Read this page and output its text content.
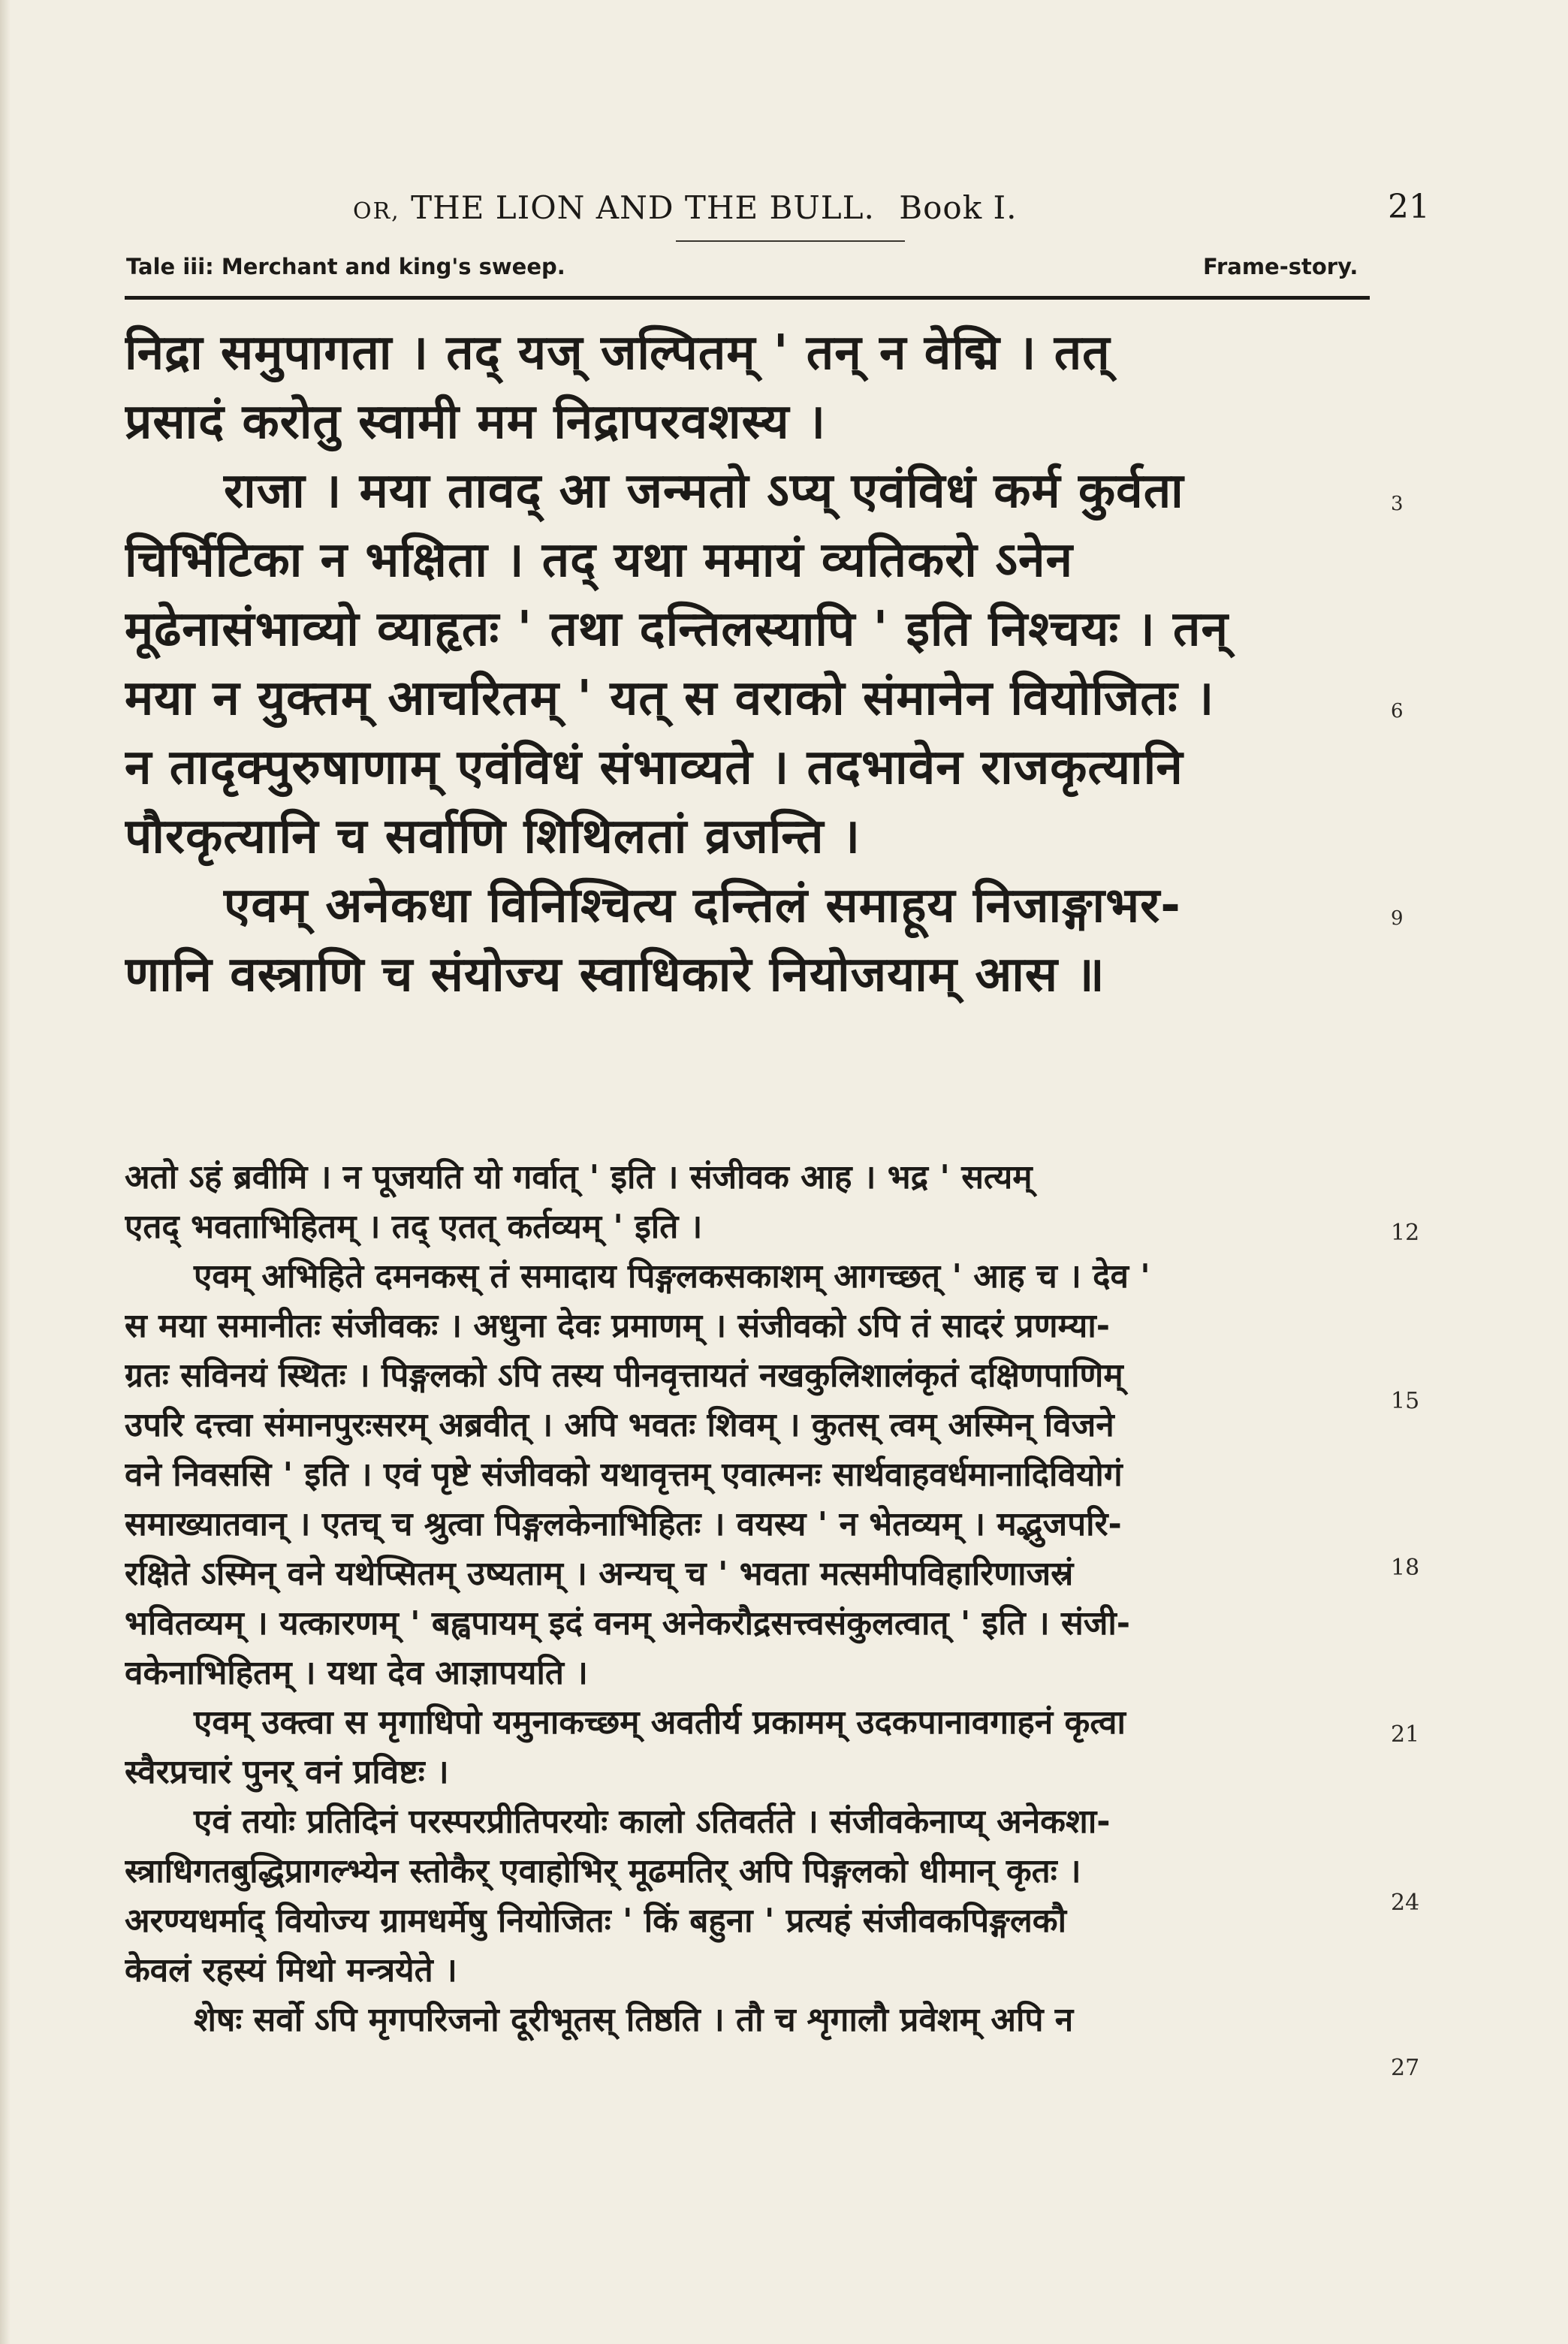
OR, THE LION AND THE BULL. Book I.	21
Tale iii: Merchant and king's sweep.	Frame-story.
निद्रा समुपागता । तद् यज् जल्पितम् ' तन् न वेद्मि । तत्
प्रसादं करोतु स्वामी मम निद्रापरवशस्य ।
राजा । मया तावद् आ जन्मतो ऽप्य् एवंविधं कर्म कुर्वता
चिर्भिटिका न भक्षिता । तद् यथा ममायं व्यतिकरो ऽनेन
मूढेनासंभाव्यो व्याहृतः ' तथा दन्तिलस्यापि ' इति निश्चयः । तन्
मया न युक्तम् आचरितम् ' यत् स वराको संमानेन वियोजितः ।
न तादृक्पुरुषाणाम् एवंविधं संभाव्यते । तदभावेन राजकृत्यानि
पौरकृत्यानि च सर्वाणि शिथिलतां व्रजन्ति ।
एवम् अनेकधा विनिश्चित्य दन्तिलं समाहूय निजाङ्गाभर-
णानि वस्त्राणि च संयोज्य स्वाधिकारे नियोजयाम् आस ॥
3
6
9
अतो ऽहं ब्रवीमि । न पूजयति यो गर्वात् ' इति । संजीवक आह । भद्र ' सत्यम्
एतद् भवताभिहितम् । तद् एतत् कर्तव्यम् ' इति ।
एवम् अभिहिते दमनकस् तं समादाय पिङ्गलकसकाशम् आगच्छत् ' आह च । देव '
स मया समानीतः संजीवकः । अधुना देवः प्रमाणम् । संजीवको ऽपि तं सादरं प्रणम्या-
ग्रतः सविनयं स्थितः । पिङ्गलको ऽपि तस्य पीनवृत्तायतं नखकुलिशालंकृतं दक्षिणपाणिम्
उपरि दत्त्वा संमानपुरःसरम् अब्रवीत् । अपि भवतः शिवम् । कुतस् त्वम् अस्मिन् विजने
वने निवससि ' इति । एवं पृष्टे संजीवको यथावृत्तम् एवात्मनः सार्थवाहवर्धमानादिवियोगं
समाख्यातवान् । एतच् च श्रुत्वा पिङ्गलकेनाभिहितः । वयस्य ' न भेतव्यम् । मद्भुजपरि-
रक्षिते ऽस्मिन् वने यथेप्सितम् उष्यताम् । अन्यच् च ' भवता मत्समीपविहारिणाजस्रं
भवितव्यम् । यत्कारणम् ' बह्वपायम् इदं वनम् अनेकरौद्रसत्त्वसंकुलत्वात् ' इति । संजी-
वकेनाभिहितम् । यथा देव आज्ञापयति ।
एवम् उक्त्वा स मृगाधिपो यमुनाकच्छम् अवतीर्य प्रकामम् उदकपानावगाहनं कृत्वा
स्वैरप्रचारं पुनर् वनं प्रविष्टः ।
एवं तयोः प्रतिदिनं परस्परप्रीतिपरयोः कालो ऽतिवर्तते । संजीवकेनाप्य् अनेकशा-
स्त्राधिगतबुद्धिप्रागल्भ्येन स्तोकैर् एवाहोभिर् मूढमतिर् अपि पिङ्गलको धीमान् कृतः ।
अरण्यधर्माद् वियोज्य ग्रामधर्मेषु नियोजितः ' किं बहुना ' प्रत्यहं संजीवकपिङ्गलकौ
केवलं रहस्यं मिथो मन्त्रयेते ।
शेषः सर्वो ऽपि मृगपरिजनो दूरीभूतस् तिष्ठति । तौ च शृगालौ प्रवेशम् अपि न
12
15
18
21
24
27
